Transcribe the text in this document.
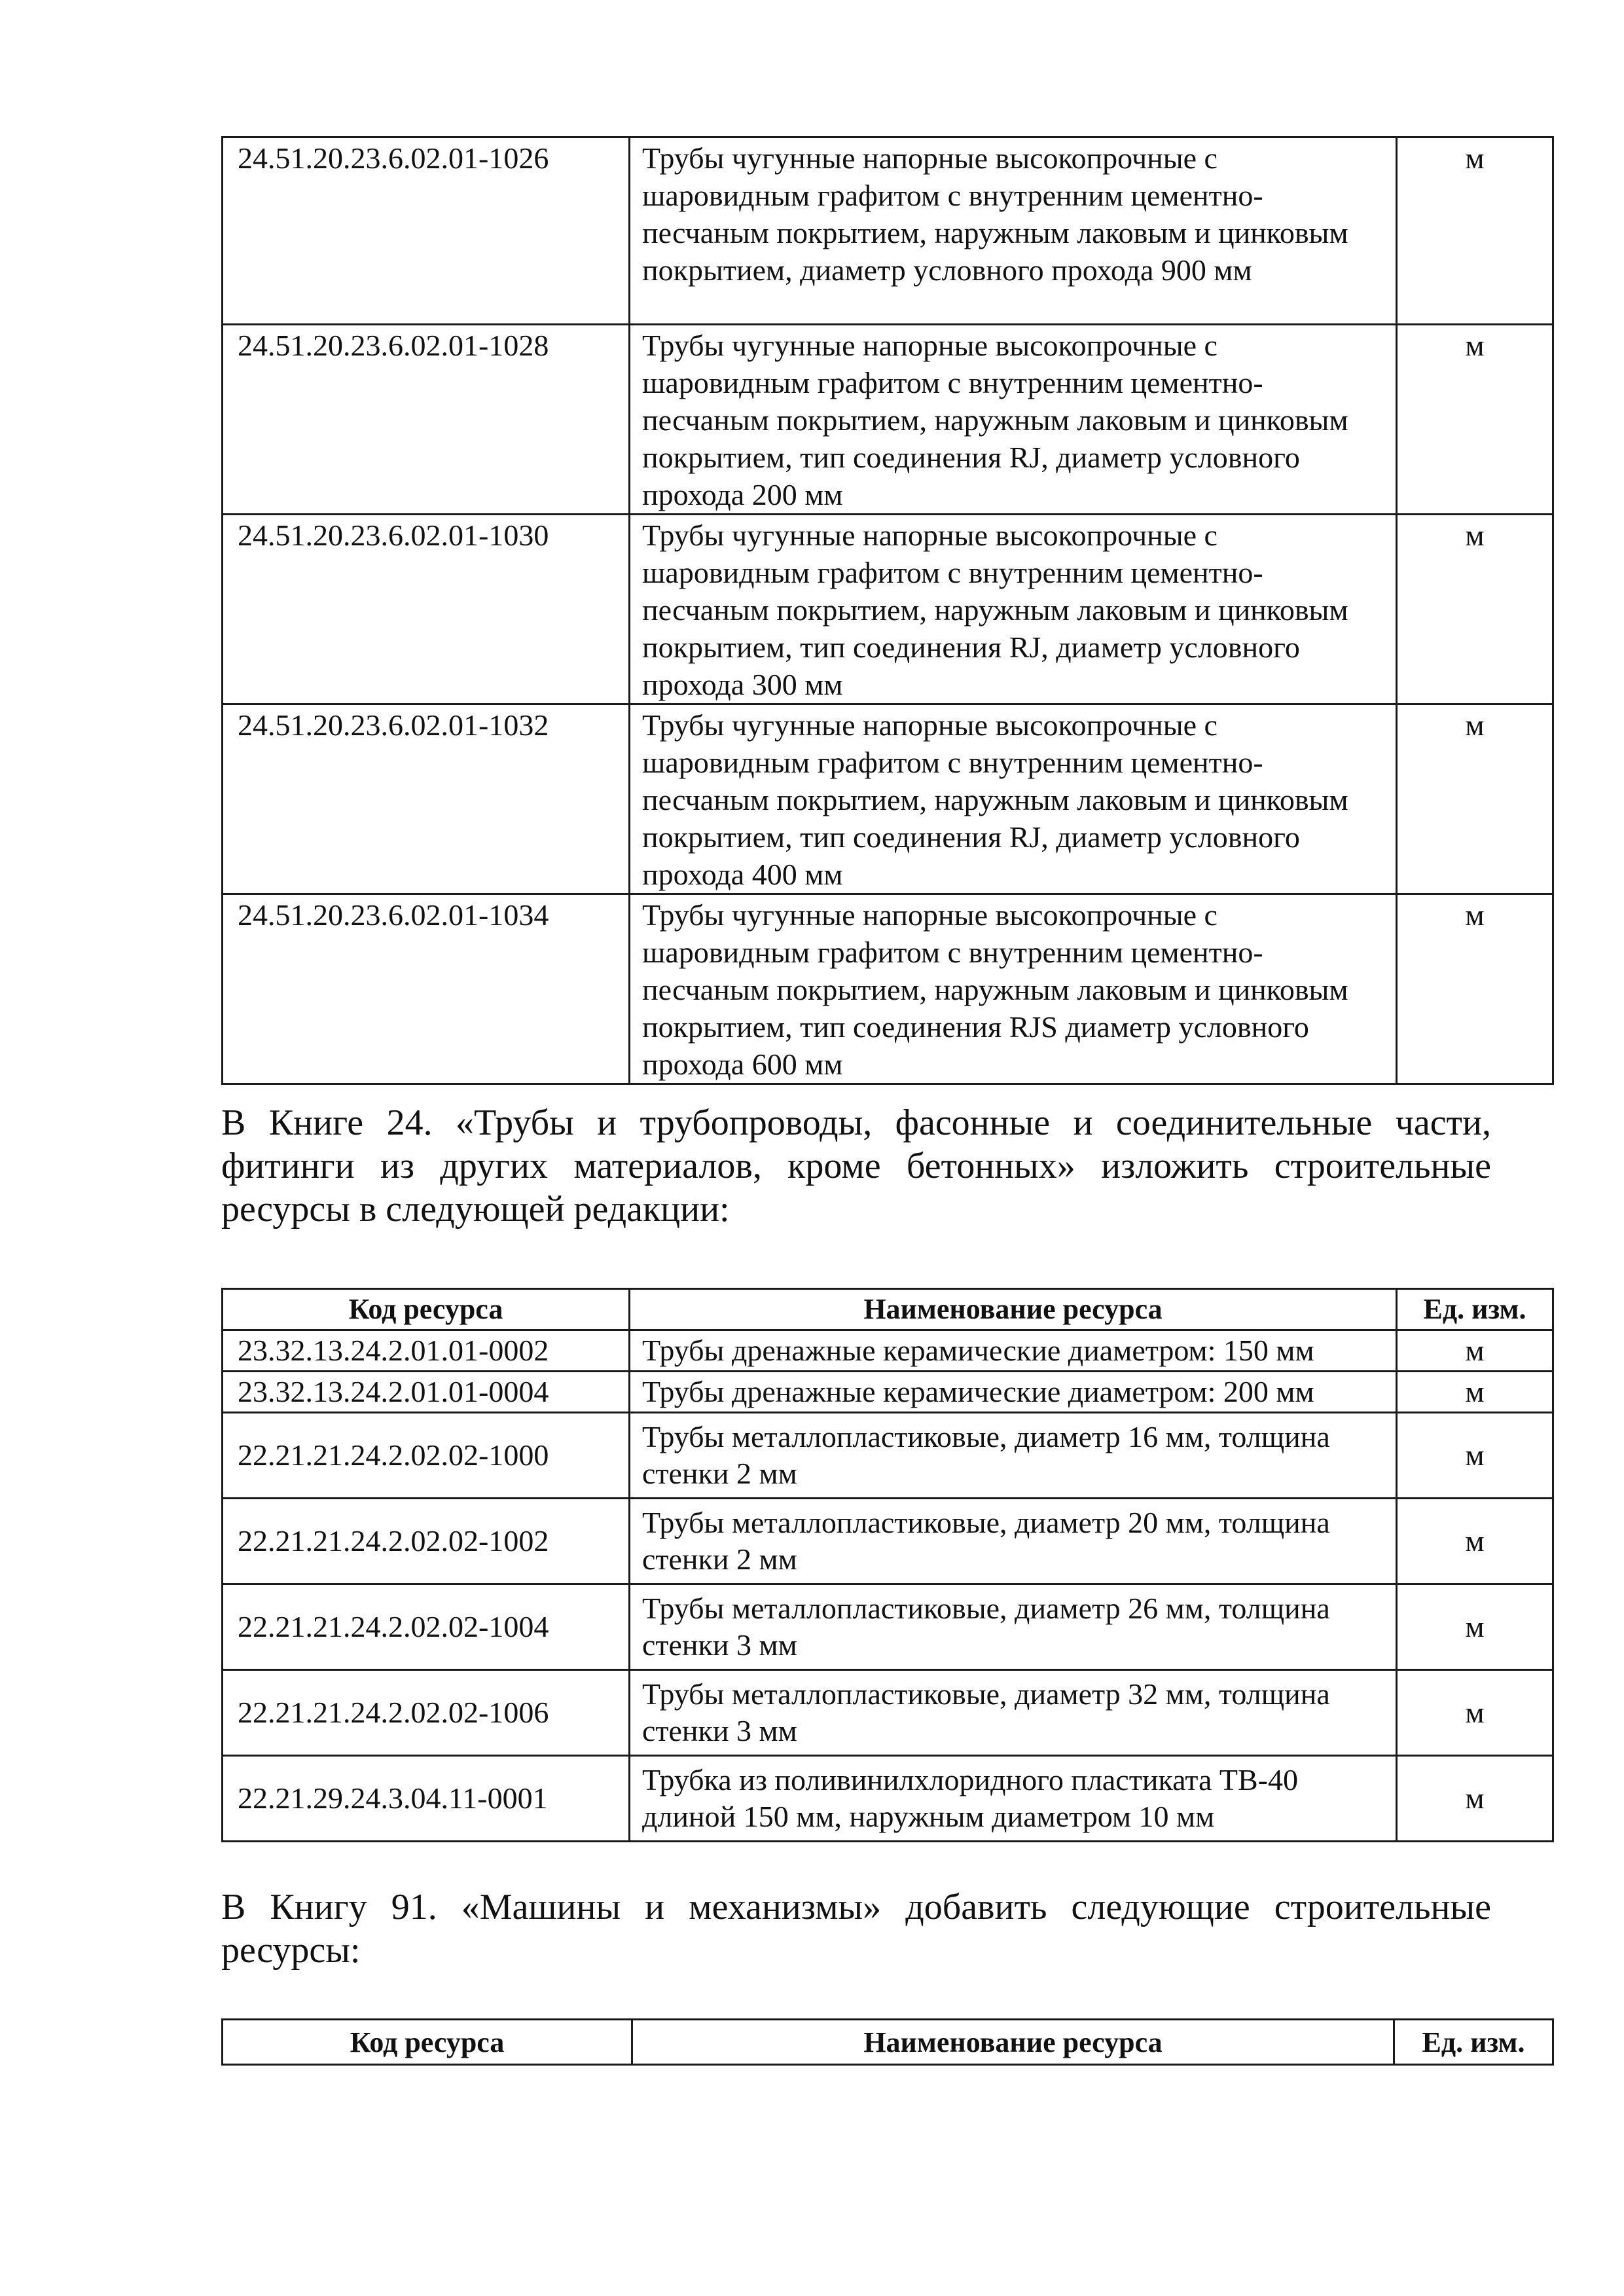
24.51.20.23.6.02.01-1026	Трубы чугунные напорные высокопрочные с шаровидным графитом с внутренним цементно-песчаным покрытием, наружным лаковым и цинковым покрытием, диаметр условного прохода 900 мм	м
24.51.20.23.6.02.01-1028	Трубы чугунные напорные высокопрочные с шаровидным графитом с внутренним цементно-песчаным покрытием, наружным лаковым и цинковым покрытием, тип соединения RJ, диаметр условного прохода 200 мм	м
24.51.20.23.6.02.01-1030	Трубы чугунные напорные высокопрочные с шаровидным графитом с внутренним цементно-песчаным покрытием, наружным лаковым и цинковым покрытием, тип соединения RJ, диаметр условного прохода 300 мм	м
24.51.20.23.6.02.01-1032	Трубы чугунные напорные высокопрочные с шаровидным графитом с внутренним цементно-песчаным покрытием, наружным лаковым и цинковым покрытием, тип соединения RJ, диаметр условного прохода 400 мм	м
24.51.20.23.6.02.01-1034	Трубы чугунные напорные высокопрочные с шаровидным графитом с внутренним цементно-песчаным покрытием, наружным лаковым и цинковым покрытием, тип соединения RJS диаметр условного прохода 600 мм	м

В Книге 24. «Трубы и трубопроводы, фасонные и соединительные части, фитинги из других материалов, кроме бетонных» изложить строительные ресурсы в следующей редакции:

Код ресурса	Наименование ресурса	Ед. изм.
23.32.13.24.2.01.01-0002	Трубы дренажные керамические диаметром: 150 мм	м
23.32.13.24.2.01.01-0004	Трубы дренажные керамические диаметром: 200 мм	м
22.21.21.24.2.02.02-1000	Трубы металлопластиковые, диаметр 16 мм, толщина стенки 2 мм	м
22.21.21.24.2.02.02-1002	Трубы металлопластиковые, диаметр 20 мм, толщина стенки 2 мм	м
22.21.21.24.2.02.02-1004	Трубы металлопластиковые, диаметр 26 мм, толщина стенки 3 мм	м
22.21.21.24.2.02.02-1006	Трубы металлопластиковые, диаметр 32 мм, толщина стенки 3 мм	м
22.21.29.24.3.04.11-0001	Трубка из поливинилхлоридного пластиката ТВ-40 длиной 150 мм, наружным диаметром 10 мм	м

В Книгу 91. «Машины и механизмы» добавить следующие строительные ресурсы:

Код ресурса	Наименование ресурса	Ед. изм.
